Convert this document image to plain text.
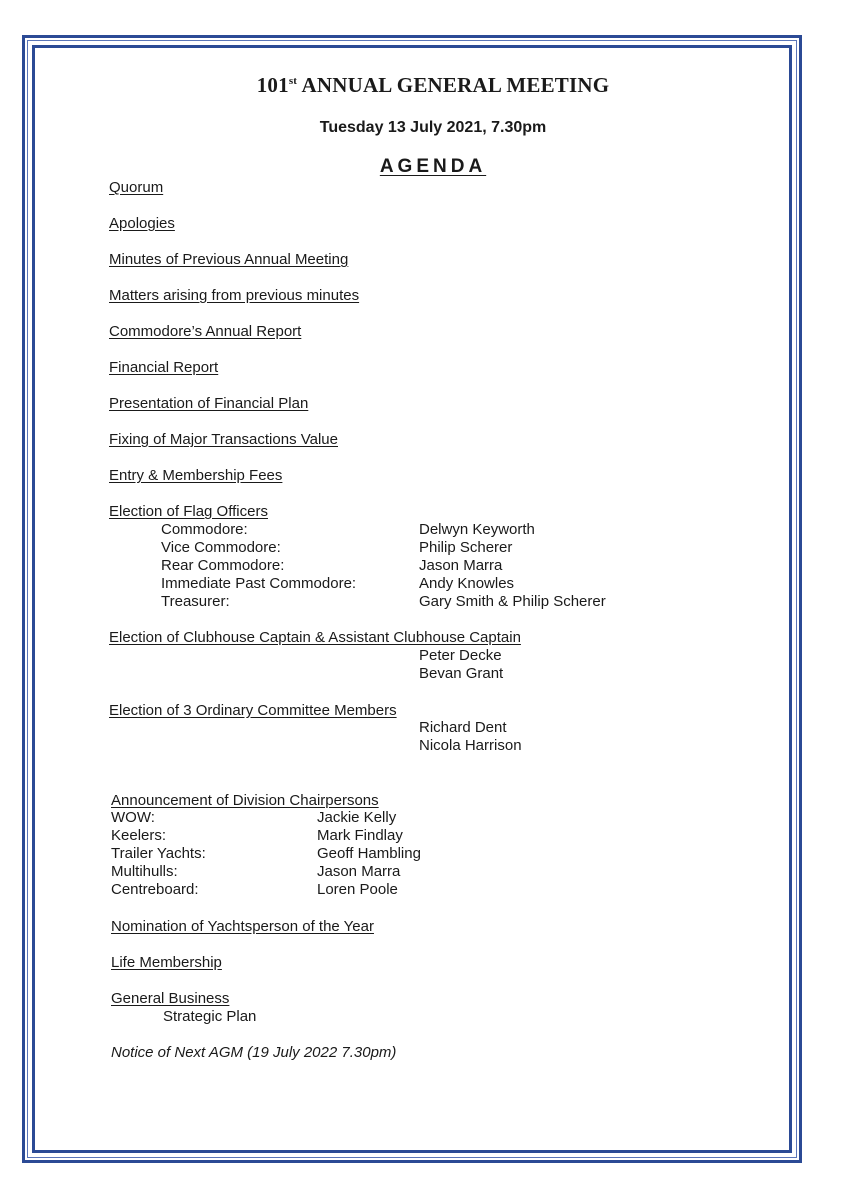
101st ANNUAL GENERAL MEETING
Tuesday 13 July 2021, 7.30pm
AGENDA
Quorum
Apologies
Minutes of Previous Annual Meeting
Matters arising from previous minutes
Commodore’s Annual Report
Financial Report
Presentation of Financial Plan
Fixing of Major Transactions Value
Entry & Membership Fees
Election of Flag Officers
Commodore:	Delwyn Keyworth
Vice Commodore:	Philip Scherer
Rear Commodore:	Jason Marra
Immediate Past Commodore:	Andy Knowles
Treasurer:	Gary Smith & Philip Scherer
Election of Clubhouse Captain & Assistant Clubhouse Captain
Peter Decke
Bevan Grant
Election of 3 Ordinary Committee Members
Richard Dent
Nicola Harrison
Announcement of Division Chairpersons
WOW:	Jackie Kelly
Keelers:	Mark Findlay
Trailer Yachts:	Geoff Hambling
Multihulls:	Jason Marra
Centreboard:	Loren Poole
Nomination of Yachtsperson of the Year
Life Membership
General Business
Strategic Plan
Notice of Next AGM (19 July 2022 7.30pm)
